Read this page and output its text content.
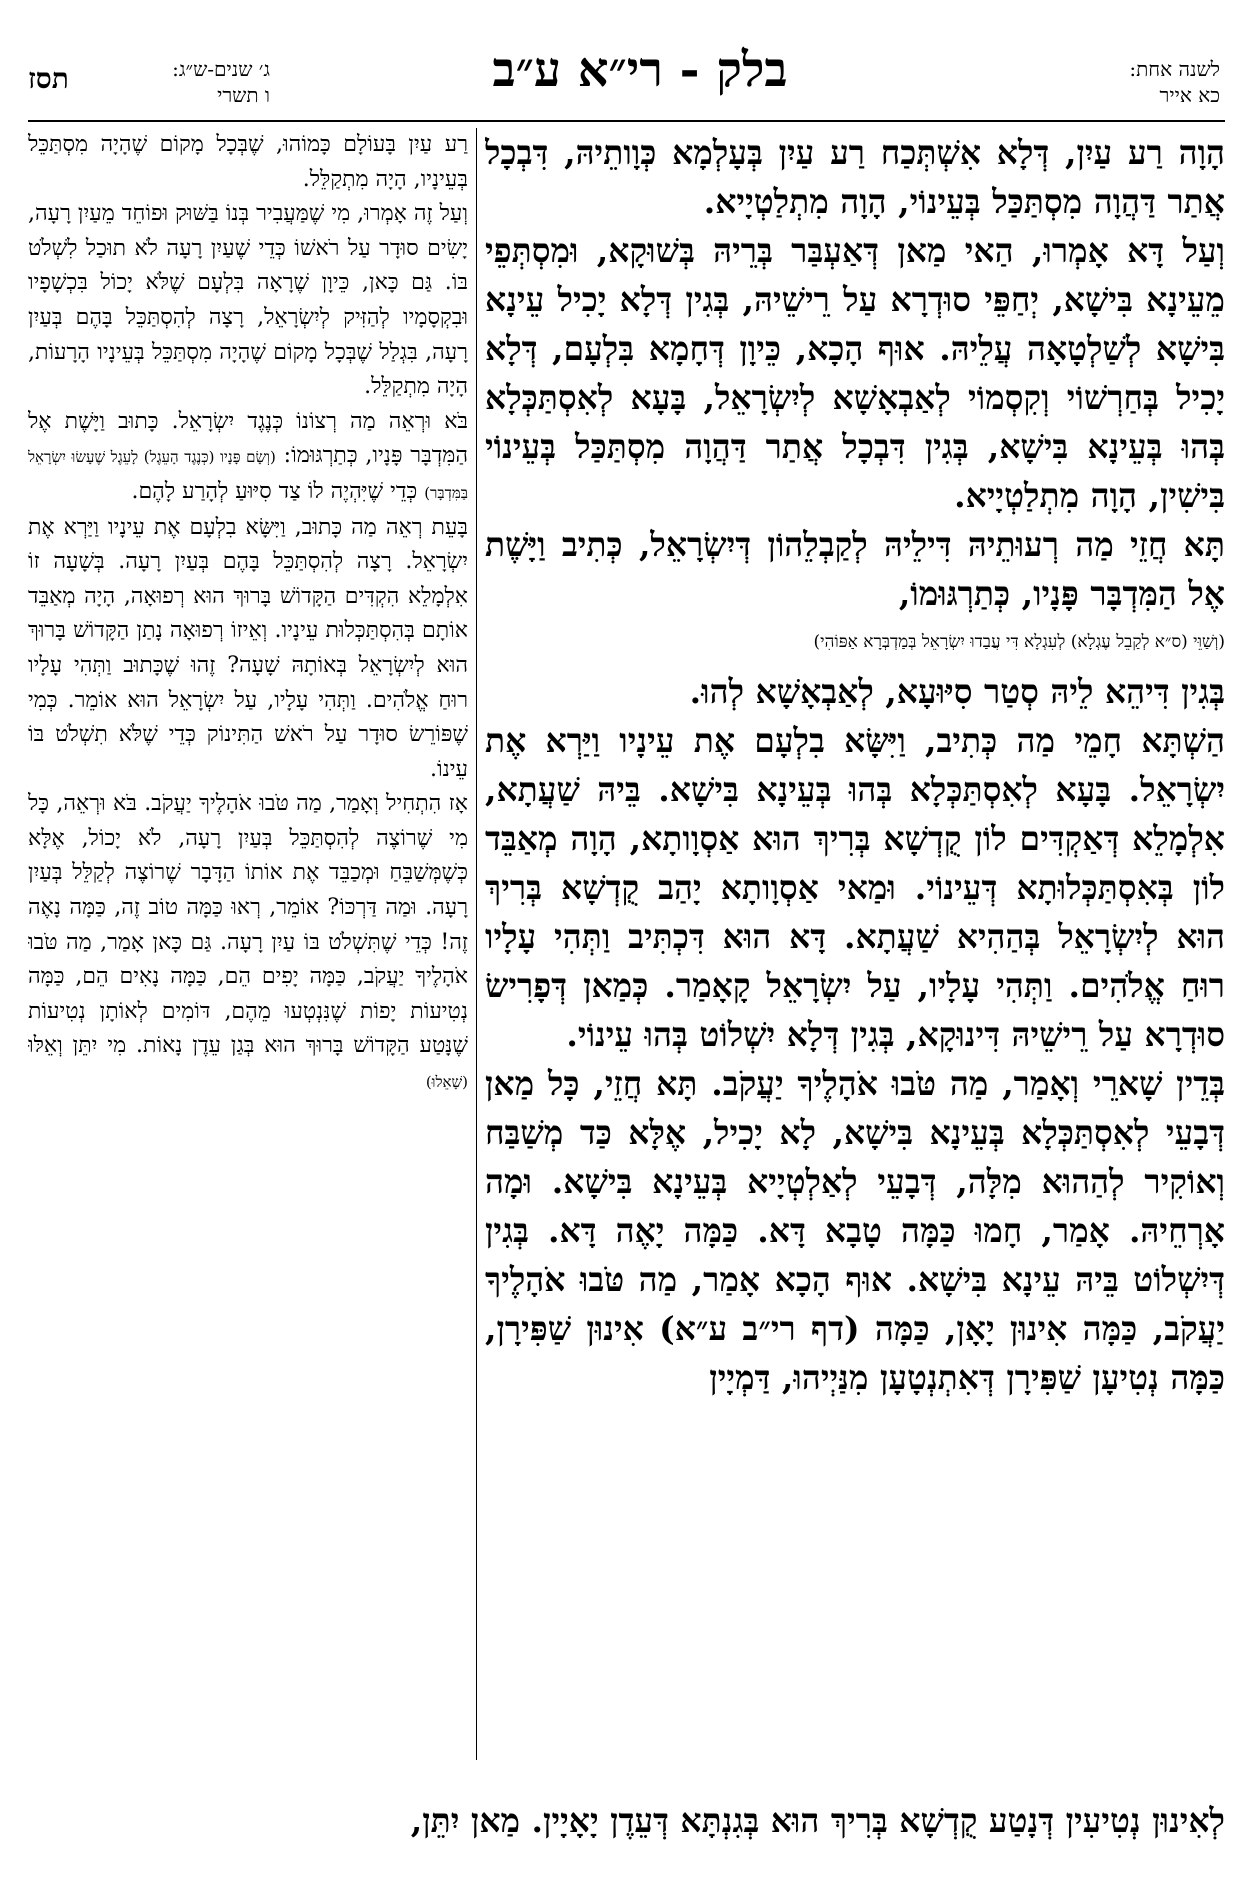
תסז	ג׳ שנים-ש״ג:
ו תשרי	בלק - רי״א ע״ב	לשנה אחת:
כא אייר

הָוָה רַע עַיִן, דְּלָא אִשְׁתְּכַח רַע עַיִן בְּעָלְמָא כְּוָותֵיהּ, דִּבְכָל אֲתַר דַּהֲוָה מִסְתַּכַּל בְּעֵינוֹי, הָוָה מִתְלַטְיָיא.

וְעַל דָּא אָמְרוּ, הַאי מַאן דְּאַעְבַּר בְּרֵיהּ בְּשׁוּקָא, וּמִסְתְּפֵי מֵעֵינָא בִּישָׁא, יְחַפֵּי סוּדְרָא עַל רֵישֵׁיהּ, בְּגִין דְּלָא יָכִיל עֵינָא בִּישָׁא לְשַׁלְטָאָה עֲלֵיהּ. אוּף הָכָא, כֵּיוָן דְּחָמָא בִּלְעָם, דְּלָא יָכִיל בְּחַרְשׁוֹי וְקִסְמוֹי לְאַבְאָשָׁא לְיִשְׂרָאֵל, בָּעָא לְאִסְתַּכְּלָא בְּהוּ בְּעֵינָא בִּישָׁא, בְּגִין דִּבְכָל אֲתַר דַּהֲוָה מִסְתַּכַּל בְּעֵינוֹי בִּישִׁין, הָוָה מִתְלַטְיָיא.

תָּא חֲזֵי מַה רְעוּתֵיהּ דִּילֵיהּ לְקַבְלֵהוֹן דְּיִשְׂרָאֵל, כְּתִיב וַיָּשֶׁת אֶל הַמִּדְבָּר פָּנָיו, כְּתַרְגּוּמוֹ,

(וְשַׁוֵּי (ס״א לְקַבֵל עֶגְלָא) לְעִגְלָא דִּי עֲבַדוּ יִשְׂרָאֵל בְּמַדְבְּרָא אַפּוֹהִי)

בְּגִין דִּיהֵא לֵיהּ סְטַר סִיּוּעָא, לְאַבְאָשָׁא לְהוּ.

הַשְׁתָּא חָמֵי מַה כְּתִיב, וַיִּשָּׂא בִלְעָם אֶת עֵינָיו וַיַּרְא אֶת יִשְׂרָאֵל. בָּעָא לְאִסְתַּכְּלָא בְּהוּ בְּעֵינָא בִּישָׁא. בֵּיהּ שַׁעֲתָא, אִלְמָלֵא דְּאַקְדִּים לוֹן קֻדְשָׁא בְּרִיךְ הוּא אַסְוָותָא, הָוָה מְאַבֵּד לוֹן בְּאִסְתַּכְּלוּתָא דְּעֵינוֹי. וּמַאי אַסְוָותָא יָהַב קֻדְשָׁא בְּרִיךְ הוּא לְיִשְׂרָאֵל בְּהַהִיא שַׁעֲתָא. דָּא הוּא דִּכְתִּיב וַתְּהִי עָלָיו רוּחַ אֱלֹהִים. וַתְּהִי עָלָיו, עַל יִשְׂרָאֵל קָאָמַר. כְּמַאן דְּפָרִישׂ סוּדְרָא עַל רֵישֵׁיהּ דִּינוּקָא, בְּגִין דְּלָא יִשְׁלוֹט בְּהוּ עֵינוֹי.

בְּדֵין שָׁארֵי וְאָמַר, מַה טֹּבוּ אֹהָלֶיךָ יַעֲקֹב. תָּא חֲזֵי, כָּל מַאן דְּבָעֵי לְאִסְתַּכְּלָא בְּעֵינָא בִּישָׁא, לָא יָכִיל, אֶלָּא כַּד מְשַׁבַּח וְאוֹקִיר לְהַהוּא מִלָּה, דְּבָעֵי לְאַלְטְיָיא בְּעֵינָא בִּישָׁא. וּמָה אָרְחֵיהּ. אָמַר, חָמוּ כַּמָּה טָבָא דָּא. כַּמָּה יָאֶה דָּא. בְּגִין דְּיִשְׁלוֹט בֵּיהּ עֵינָא בִּישָׁא. אוּף הָכָא אָמַר, מַה טֹּבוּ אֹהָלֶיךָ יַעֲקֹב, כַּמָּה אִינוּן יָאָן, כַּמָּה (דף רי״ב ע״א) אִינוּן שַׁפִּירָן, כַּמָּה נְטִיעָן שַׁפִּירָן דְּאִתְנְטָעָן מִנַּיְיהוּ, דַּמְיָין

רַע עַיִן בָּעוֹלָם כָּמוֹהוּ, שֶׁבְּכָל מָקוֹם שֶׁהָיָה מִסְתַּכֵּל בְּעֵינָיו, הָיָה מִתְקַלֵּל.

וְעַל זֶה אָמְרוּ, מִי שֶׁמַּעֲבִיר בְּנוֹ בַּשּׁוּק וּפוֹחֵד מֵעַיִן רָעָה, יָשִׂים סוּדָר עַל רֹאשׁוֹ כְּדֵי שֶׁעַיִן רָעָה לֹא תוּכַל לִשְׁלֹט בּוֹ. גַּם כָּאן, כֵּיוָן שֶׁרָאָה בִּלְעָם שֶׁלֹּא יָכוֹל בִּכְשָׁפָיו וּבִקְסָמָיו לְהַזִּיק לְיִשְׂרָאֵל, רָצָה לְהִסְתַּכֵּל בָּהֶם בְּעַיִן רָעָה, בִּגְלַל שֶׁבְּכָל מָקוֹם שֶׁהָיָה מִסְתַּכֵּל בְּעֵינָיו הָרָעוֹת, הָיָה מִתְקַלֵּל.

בֹּא וּרְאֵה מַה רְצוֹנוֹ כְּנֶגֶד יִשְׂרָאֵל. כָּתוּב וַיָּשֶׁת אֶל הַמִּדְבָּר פָּנָיו, כְּתַרְגּוּמוֹ: (וְשָׂם פָּנָיו (כְּנֶגֶד הָעֵגֶל) לָעֵגֶל שֶׁעָשׂוּ יִשְׂרָאֵל בַּמִּדְבָּר) כְּדֵי שֶׁיִּהְיֶה לוֹ צַד סִיּוּעַ לְהָרַע לָהֶם.

בָּעֵת רְאֵה מַה כָּתוּב, וַיִּשָּׂא בִלְעָם אֶת עֵינָיו וַיַּרְא אֶת יִשְׂרָאֵל. רָצָה לְהִסְתַּכֵּל בָּהֶם בְּעַיִן רָעָה. בְּשָׁעָה זוֹ אִלְמָלֵא הִקְדִּים הַקָּדוֹשׁ בָּרוּךְ הוּא רְפוּאָה, הָיָה מְאַבֵּד אוֹתָם בְּהִסְתַּכְּלוּת עֵינָיו. וְאֵיזוֹ רְפוּאָה נָתַן הַקָּדוֹשׁ בָּרוּךְ הוּא לְיִשְׂרָאֵל בְּאוֹתָהּ שָׁעָה? זֶהוּ שֶׁכָּתוּב וַתְּהִי עָלָיו רוּחַ אֱלֹהִים. וַתְּהִי עָלָיו, עַל יִשְׂרָאֵל הוּא אוֹמֵר. כְּמִי שֶׁפּוֹרֵשׂ סוּדָר עַל רֹאשׁ הַתִּינוֹק כְּדֵי שֶׁלֹּא תִשְׁלֹט בּוֹ עֵינוֹ.

אָז הִתְחִיל וְאָמַר, מַה טֹּבוּ אֹהָלֶיךָ יַעֲקֹב. בֹּא וּרְאֵה, כָּל מִי שֶׁרוֹצֶה לְהִסְתַּכֵּל בְּעַיִן רָעָה, לֹא יָכוֹל, אֶלָּא כְּשֶׁמְּשַׁבֵּחַ וּמְכַבֵּד אֶת אוֹתוֹ הַדָּבָר שֶׁרוֹצֶה לְקַלֵּל בְּעַיִן רָעָה. וּמַה דַּרְכּוֹ? אוֹמֵר, רְאוּ כַּמָּה טוֹב זֶה, כַּמָּה נָאֶה זֶה! כְּדֵי שֶׁתִּשְׁלֹט בּוֹ עַיִן רָעָה. גַּם כָּאן אָמַר, מַה טֹּבוּ אֹהָלֶיךָ יַעֲקֹב, כַּמָּה יָפִים הֵם, כַּמָּה נָאִים הֵם, כַּמָּה נְטִיעוֹת יָפוֹת שֶׁנִּנְטְעוּ מֵהֶם, דּוֹמִים לְאוֹתָן נְטִיעוֹת שֶׁנָּטַע הַקָּדוֹשׁ בָּרוּךְ הוּא בְּגַן עֵדֶן נָאוֹת. מִי יִתֵּן וְאֵלּוּ (שָׁאֵלוּ)

לְאִינוּן נְטִיעִין דְּנָטַע קֻדְשָׁא בְּרִיךְ הוּא בְּגִנְתָּא דְּעֵדֶן יָאָיָין. מַאן יִתֵּן,
